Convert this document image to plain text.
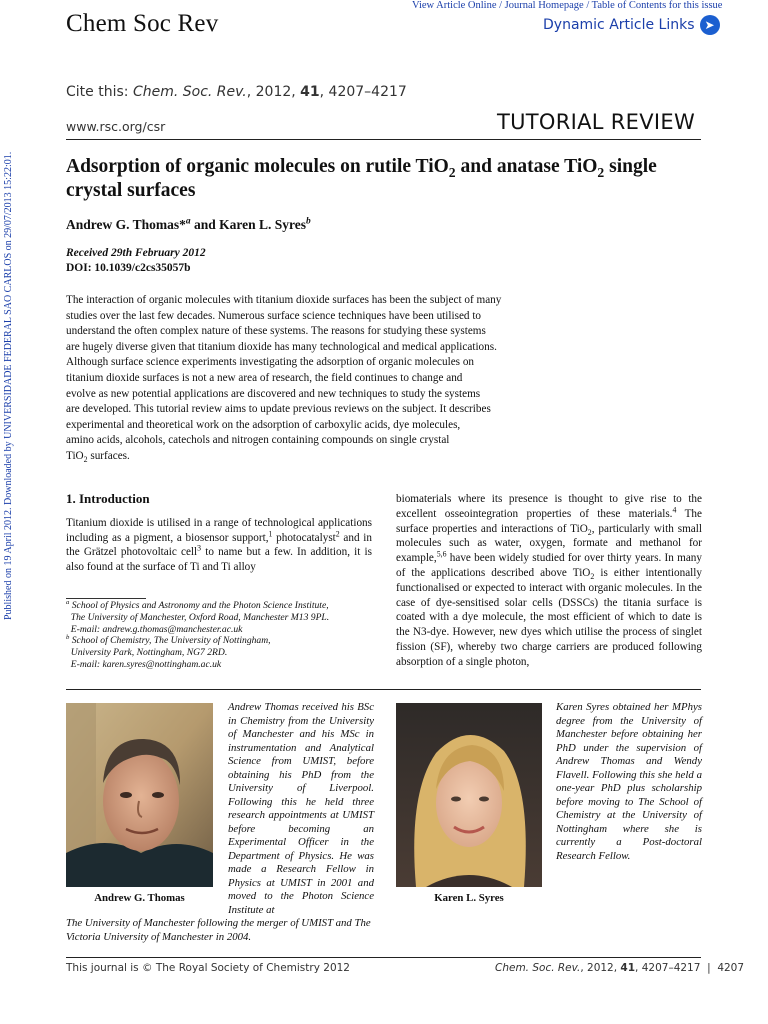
View Article Online / Journal Homepage / Table of Contents for this issue
Chem Soc Rev	Dynamic Article Links ➤
Cite this: Chem. Soc. Rev., 2012, 41, 4207–4217
www.rsc.org/csr	TUTORIAL REVIEW
Published on 19 April 2012. Downloaded by UNIVERSIDADE FEDERAL SAO CARLOS on 29/07/2013 15:22:01.	Adsorption of organic molecules on rutile TiO$_2$ and anatase TiO$_2$ single crystal surfaces
Andrew G. Thomas*$^a$ and Karen L. Syres$^b$
Received 29th February 2012
DOI: 10.1039/c2cs35057b
The interaction of organic molecules with titanium dioxide surfaces has been the subject of many
studies over the last few decades. Numerous surface science techniques have been utilised to
understand the often complex nature of these systems. The reasons for studying these systems
are hugely diverse given that titanium dioxide has many technological and medical applications.
Although surface science experiments investigating the adsorption of organic molecules on
titanium dioxide surfaces is not a new area of research, the field continues to change and
evolve as new potential applications are discovered and new techniques to study the systems
are developed. This tutorial review aims to update previous reviews on the subject. It describes
experimental and theoretical work on the adsorption of carboxylic acids, dye molecules,
amino acids, alcohols, catechols and nitrogen containing compounds on single crystal
TiO$_2$ surfaces.
1. Introduction
Titanium dioxide is utilised in a range of technological applications including as a pigment, a biosensor support,$^1$ photocatalyst$^2$ and in the Grätzel photovoltaic cell$^3$ to name but a few. In addition, it is also found at the surface of Ti and Ti alloy
biomaterials where its presence is thought to give rise to the excellent osseointegration properties of these materials.$^4$ The surface properties and interactions of TiO$_2$, particularly with small molecules such as water, oxygen, formate and methanol for example,$^{5,6}$ have been widely studied for over thirty years. In many of the applications described above TiO$_2$ is either intentionally functionalised or expected to interact with organic molecules. In the case of dye-sensitised solar cells (DSSCs) the titania surface is coated with a dye molecule, the most efficient of which to date is the N3-dye. However, new dyes which utilise the process of singlet fission (SF), whereby two charge carriers are produced following absorption of a single photon,
$^a$ School of Physics and Astronomy and the Photon Science Institute,
The University of Manchester, Oxford Road, Manchester M13 9PL.
E-mail: andrew.g.thomas@manchester.ac.uk
$^b$ School of Chemistry, The University of Nottingham,
University Park, Nottingham, NG7 2RD.
E-mail: karen.syres@nottingham.ac.uk
Andrew G. Thomas
Andrew Thomas received his BSc in Chemistry from the University of Manchester and his MSc in instrumentation and Analytical Science from UMIST, before obtaining his PhD from the University of Liverpool. Following this he held three research appointments at UMIST before becoming an Experimental Officer in the Department of Physics. He was made a Research Fellow in Physics at UMIST in 2001 and moved to the Photon Science Institute at
The University of Manchester following the merger of UMIST and The Victoria University of Manchester in 2004.
Karen L. Syres
Karen Syres obtained her MPhys degree from the University of Manchester before obtaining her PhD under the supervision of Andrew Thomas and Wendy Flavell. Following this she held a one-year PhD plus scholarship before moving to The School of Chemistry at the University of Nottingham where she is currently a Post-doctoral Research Fellow.
This journal is © The Royal Society of Chemistry 2012	Chem. Soc. Rev., 2012, 41, 4207–4217  |  4207
